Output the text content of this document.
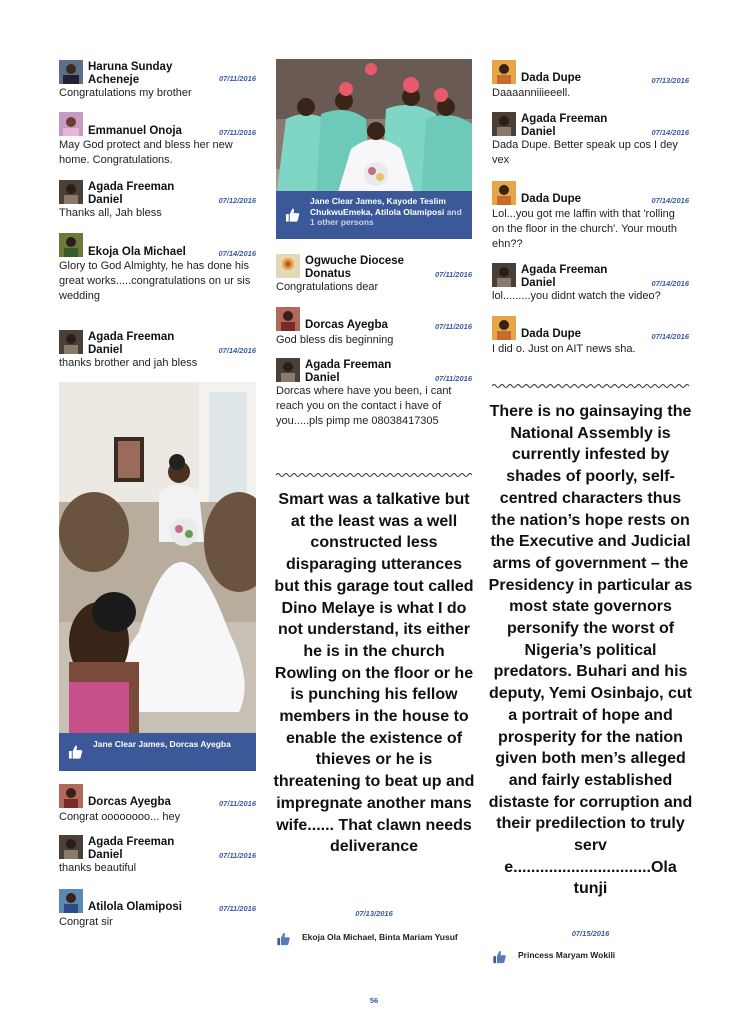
Haruna Sunday Acheneje	07/11/2016
Congratulations my brother
Emmanuel Onoja	07/11/2016
May God protect and bless her new home. Congratulations.
Agada Freeman Daniel	07/12/2016
Thanks all, Jah bless
Ekoja Ola Michael	07/14/2016
Glory to God Almighty, he has done his great works.....congratulations on ur sis wedding
Agada Freeman Daniel	07/14/2016
thanks brother and jah bless
Jane Clear James, Dorcas Ayegba
Dorcas Ayegba	07/11/2016
Congrat oooooooo... hey
Agada Freeman Daniel	07/11/2016
thanks beautiful
Atilola Olamiposi	07/11/2016
Congrat sir
Jane Clear James, Kayode Teslim ChukwuEmeka, Atilola Olamiposi and 1 other persons
Ogwuche Diocese Donatus	07/11/2016
Congratulations dear
Dorcas Ayegba	07/11/2016
God bless dis beginning
Agada Freeman Daniel	07/11/2016
Dorcas where have you been, i cant reach you on the contact i have of you.....pls pimp me 08038417305
Smart was a talkative but at the least was a well constructed less disparaging utterances but this garage tout called Dino Melaye is what I do not understand, its either he is in the church Rowling on the floor or he is punching his fellow members in the house to enable the existence of thieves or he is threatening to beat up and impregnate another mans wife...... That clawn needs deliverance
07/13/2016
Ekoja Ola Michael, Binta Mariam Yusuf
Dada Dupe	07/13/2016
Daaaanniiieeell.
Agada Freeman Daniel	07/14/2016
Dada Dupe. Better speak up cos I dey vex
Dada Dupe	07/14/2016
Lol...you got me laffin with that 'rolling on the floor in the church'. Your mouth ehn??
Agada Freeman Daniel	07/14/2016
lol.........you didnt watch the video?
Dada Dupe	07/14/2016
I did o. Just on AIT news sha.
There is no gainsaying the National Assembly is currently infested by shades of poorly, self-centred characters thus the nation’s hope rests on the Executive and Judicial arms of government – the Presidency in particular as most state governors personify the worst of Nigeria’s political predators. Buhari and his deputy, Yemi Osinbajo, cut a portrait of hope and prosperity for the nation given both men’s alleged and fairly established distaste for corruption and their predilection to truly serv e...............................Ola tunji
07/15/2016
Princess Maryam Wokili
56
